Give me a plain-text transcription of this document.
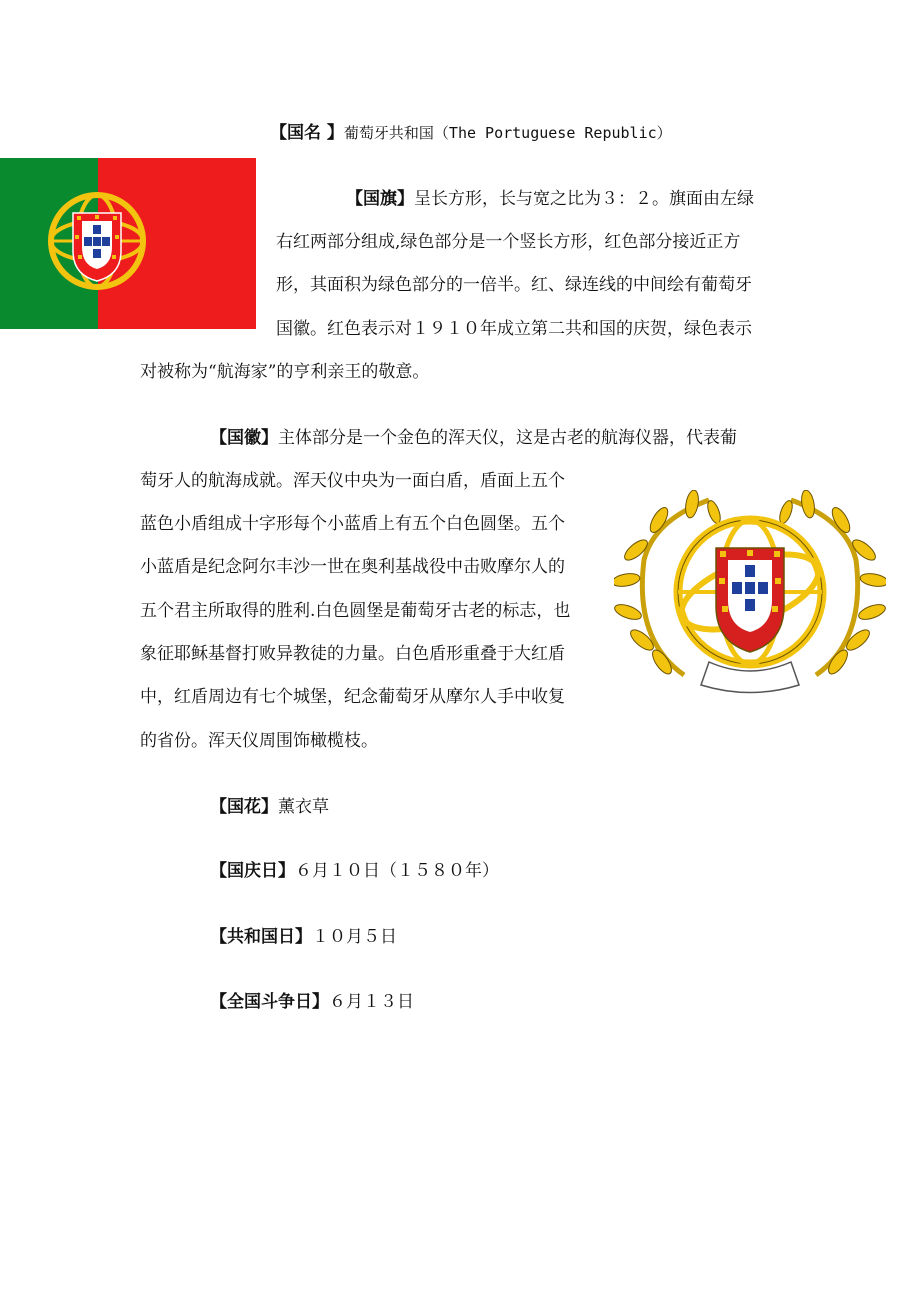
【国名 】葡萄牙共和国（The Portuguese Republic）
【国旗】呈长方形，长与宽之比为３：２。旗面由左绿
右红两部分组成,绿色部分是一个竖长方形，红色部分接近正方
形，其面积为绿色部分的一倍半。红、绿连线的中间绘有葡萄牙
国徽。红色表示对１９１０年成立第二共和国的庆贺，绿色表示
对被称为“航海家”的亨利亲王的敬意。
【国徽】主体部分是一个金色的浑天仪，这是古老的航海仪器，代表葡
萄牙人的航海成就。浑天仪中央为一面白盾，盾面上五个
蓝色小盾组成十字形每个小蓝盾上有五个白色圆堡。五个
小蓝盾是纪念阿尔丰沙一世在奥利基战役中击败摩尔人的
五个君主所取得的胜利.白色圆堡是葡萄牙古老的标志，也
象征耶稣基督打败异教徒的力量。白色盾形重叠于大红盾
中，红盾周边有七个城堡，纪念葡萄牙从摩尔人手中收复
的省份。浑天仪周围饰橄榄枝。
【国花】薰衣草
【国庆日】６月１０日（１５８０年）
【共和国日】１０月５日
【全国斗争日】６月１３日
